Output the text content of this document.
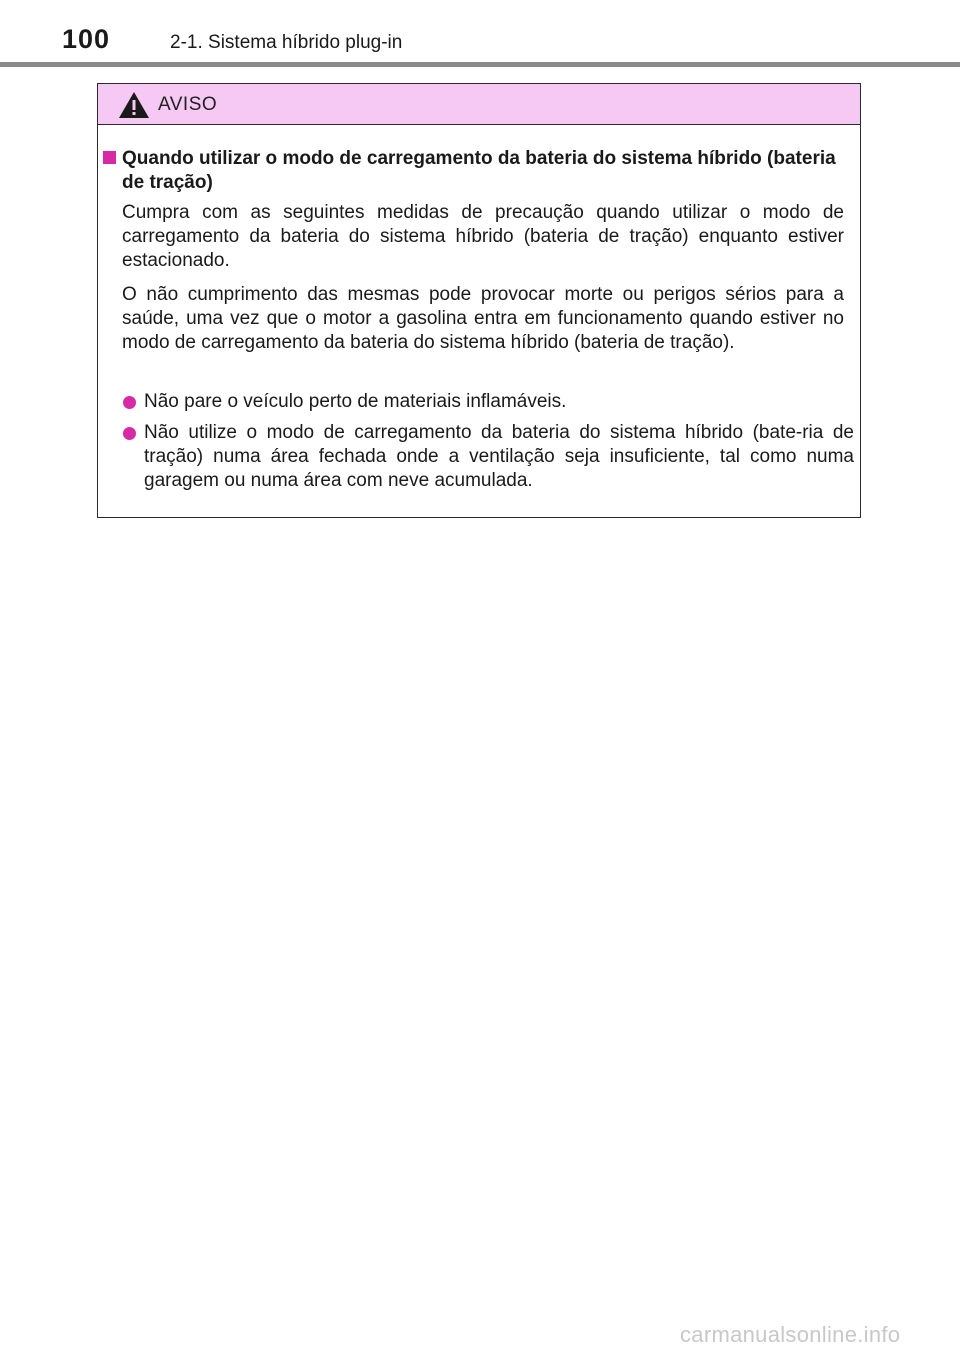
100	2-1. Sistema híbrido plug-in
AVISO
Quando utilizar o modo de carregamento da bateria do sistema híbrido (bateria de tração)
Cumpra com as seguintes medidas de precaução quando utilizar o modo de carregamento da bateria do sistema híbrido (bateria de tração) enquanto estiver estacionado.
O não cumprimento das mesmas pode provocar morte ou perigos sérios para a saúde, uma vez que o motor a gasolina entra em funcionamento quando estiver no modo de carregamento da bateria do sistema híbrido (bateria de tração).
Não pare o veículo perto de materiais inflamáveis.
Não utilize o modo de carregamento da bateria do sistema híbrido (bate-ria de tração) numa área fechada onde a ventilação seja insuficiente, tal como numa garagem ou numa área com neve acumulada.
carmanualsonline.info
